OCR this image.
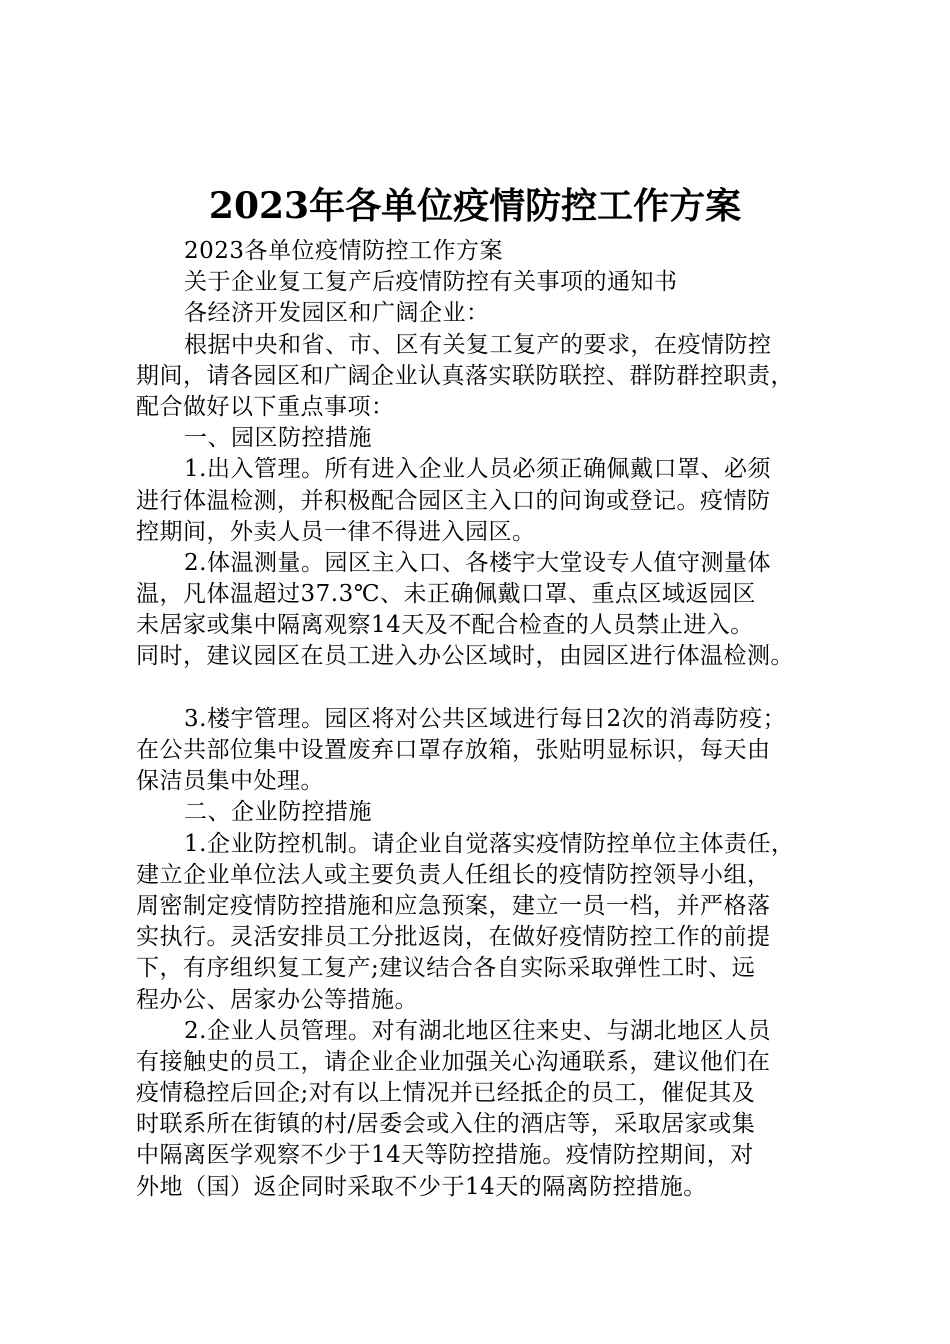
2023年各单位疫情防控工作方案
2023各单位疫情防控工作方案
关于企业复工复产后疫情防控有关事项的通知书
各经济开发园区和广阔企业：
根据中央和省、市、区有关复工复产的要求，在疫情防控
期间，请各园区和广阔企业认真落实联防联控、群防群控职责，
配合做好以下重点事项：
一、园区防控措施
1.出入管理。所有进入企业人员必须正确佩戴口罩、必须
进行体温检测，并积极配合园区主入口的问询或登记。疫情防
控期间，外卖人员一律不得进入园区。
2.体温测量。园区主入口、各楼宇大堂设专人值守测量体
温，凡体温超过37.3℃、未正确佩戴口罩、重点区域返园区
未居家或集中隔离观察14天及不配合检查的人员禁止进入。
同时，建议园区在员工进入办公区域时，由园区进行体温检测。
3.楼宇管理。园区将对公共区域进行每日2次的消毒防疫；
在公共部位集中设置废弃口罩存放箱，张贴明显标识，每天由
保洁员集中处理。
二、企业防控措施
1.企业防控机制。请企业自觉落实疫情防控单位主体责任，
建立企业单位法人或主要负责人任组长的疫情防控领导小组，
周密制定疫情防控措施和应急预案，建立一员一档，并严格落
实执行。灵活安排员工分批返岗，在做好疫情防控工作的前提
下，有序组织复工复产;建议结合各自实际采取弹性工时、远
程办公、居家办公等措施。
2.企业人员管理。对有湖北地区往来史、与湖北地区人员
有接触史的员工，请企业企业加强关心沟通联系，建议他们在
疫情稳控后回企;对有以上情况并已经抵企的员工，催促其及
时联系所在街镇的村/居委会或入住的酒店等，采取居家或集
中隔离医学观察不少于14天等防控措施。疫情防控期间，对
外地（国）返企同时采取不少于14天的隔离防控措施。
